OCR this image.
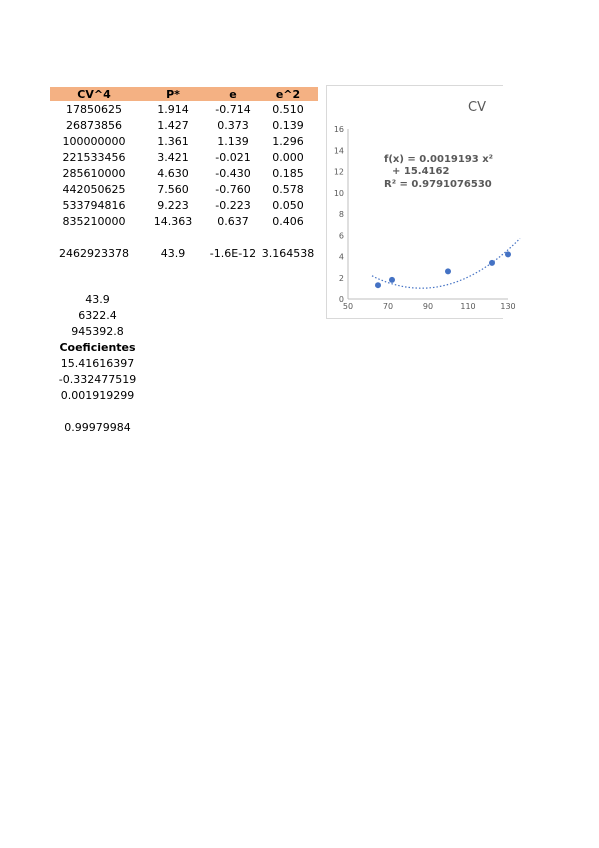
CV^4	P*	e	e^2
17850625	1.914	-0.714	0.510
26873856	1.427	0.373	0.139
100000000	1.361	1.139	1.296
221533456	3.421	-0.021	0.000
285610000	4.630	-0.430	0.185
442050625	7.560	-0.760	0.578
533794816	9.223	-0.223	0.050
835210000	14.363	0.637	0.406

2462923378	43.9	-1.6E-12	3.164538
43.9
6322.4
945392.8
Coeficientes
15.41616397
-0.332477519
0.001919299
0.99979984
CV
0
2
4
6
8
10
12
14
16
50	70	90	110	130
f(x) = 0.0019193 x²
+ 15.4162
R² = 0.9791076530
